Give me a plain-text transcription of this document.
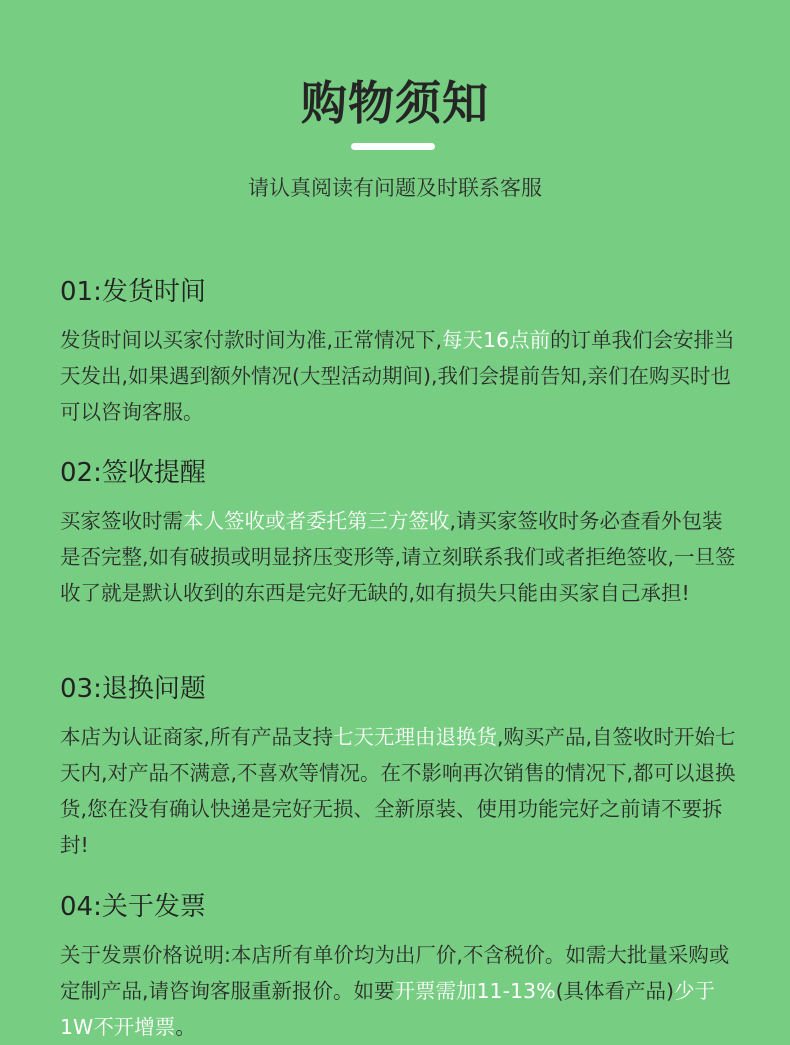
购物须知
请认真阅读有问题及时联系客服
01:发货时间

发货时间以买家付款时间为准,正常情况下,每天16点前的订单我们会安排当天发出,如果遇到额外情况(大型活动期间),我们会提前告知,亲们在购买时也可以咨询客服。

02:签收提醒

买家签收时需本人签收或者委托第三方签收,请买家签收时务必查看外包装是否完整,如有破损或明显挤压变形等,请立刻联系我们或者拒绝签收,一旦签收了就是默认收到的东西是完好无缺的,如有损失只能由买家自己承担!

03:退换问题

本店为认证商家,所有产品支持七天无理由退换货,购买产品,自签收时开始七天内,对产品不满意,不喜欢等情况。在不影响再次销售的情况下,都可以退换货,您在没有确认快递是完好无损、全新原装、使用功能完好之前请不要拆封!

04:关于发票

关于发票价格说明:本店所有单价均为出厂价,不含税价。如需大批量采购或定制产品,请咨询客服重新报价。如要开票需加11-13%(具体看产品)少于1W不开增票。
